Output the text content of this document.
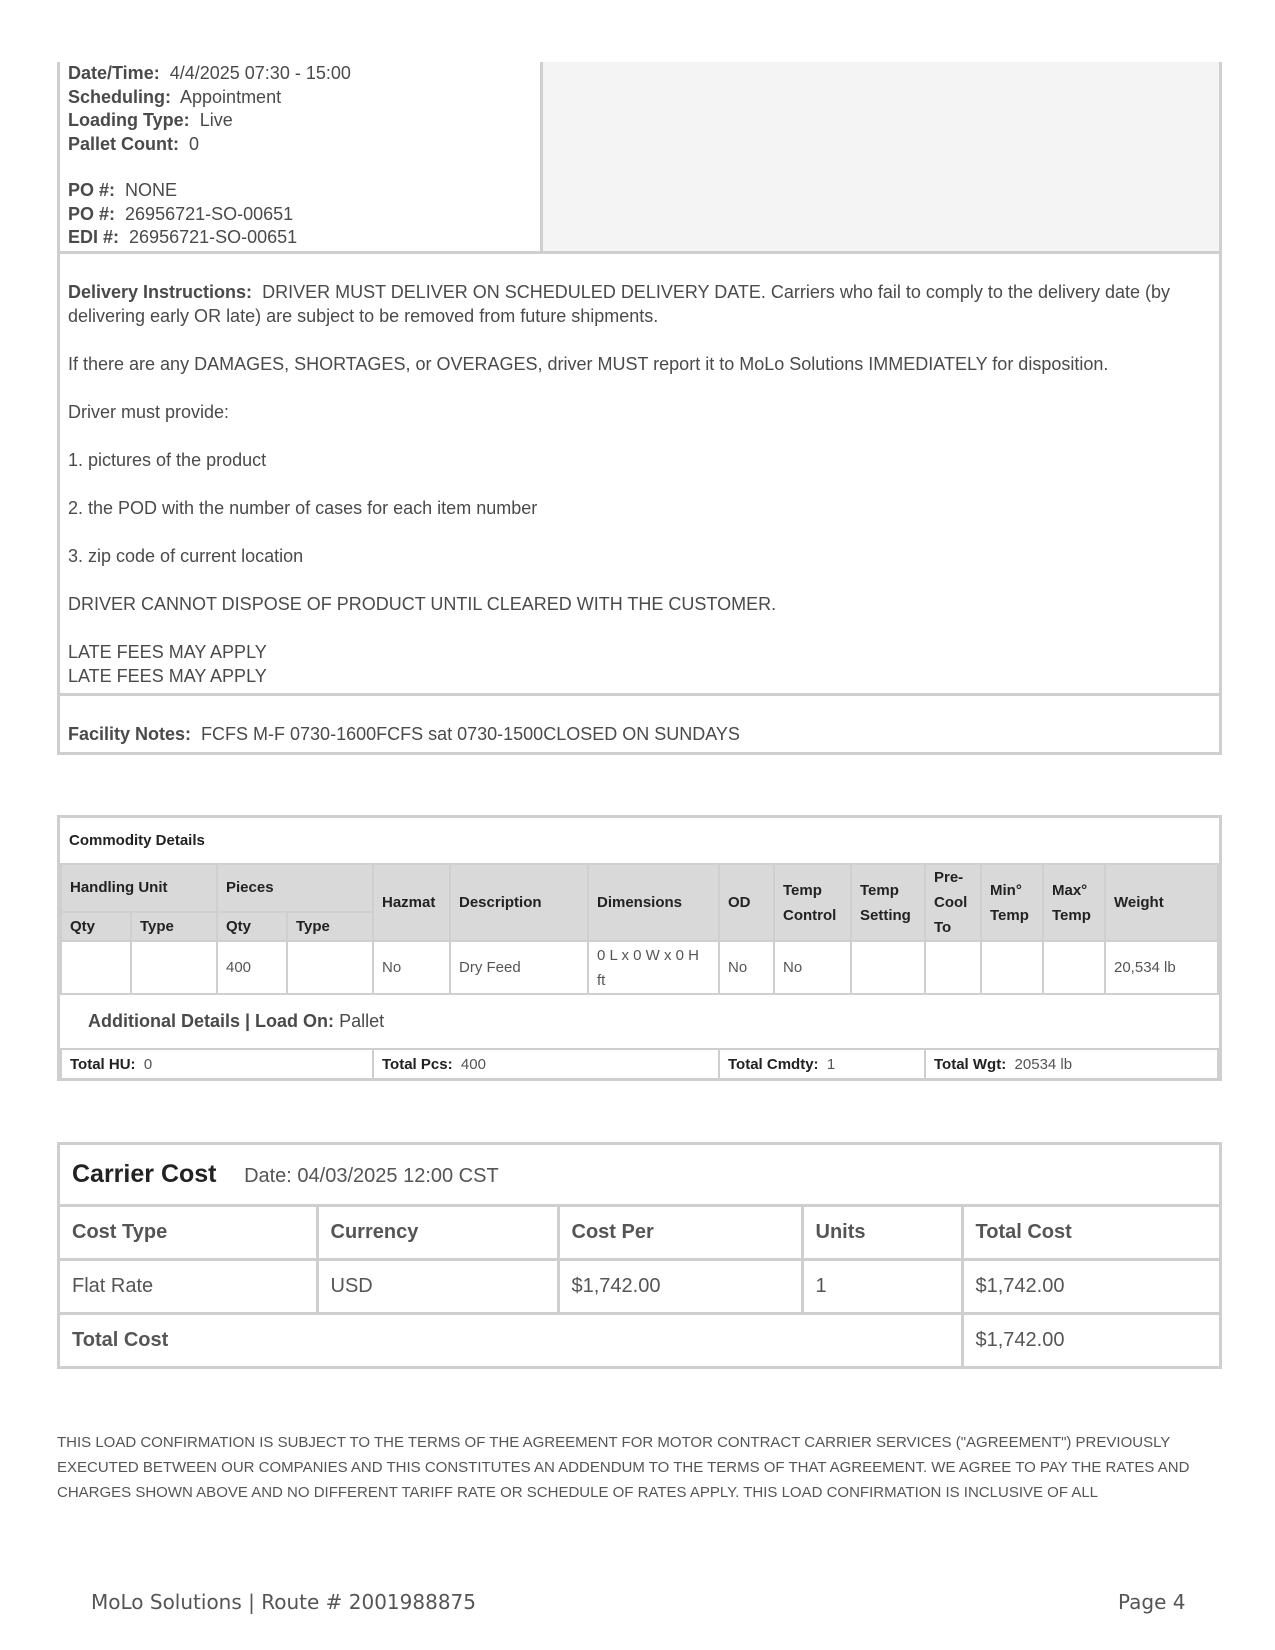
Date/Time: 4/4/2025 07:30 - 15:00
Scheduling: Appointment
Loading Type: Live
Pallet Count: 0
PO #: NONE
PO #: 26956721-SO-00651
EDI #: 26956721-SO-00651

Delivery Instructions: DRIVER MUST DELIVER ON SCHEDULED DELIVERY DATE. Carriers who fail to comply to the delivery date (by delivering early OR late) are subject to be removed from future shipments.

If there are any DAMAGES, SHORTAGES, or OVERAGES, driver MUST report it to MoLo Solutions IMMEDIATELY for disposition.

Driver must provide:

1. pictures of the product

2. the POD with the number of cases for each item number

3. zip code of current location

DRIVER CANNOT DISPOSE OF PRODUCT UNTIL CLEARED WITH THE CUSTOMER.

LATE FEES MAY APPLY

LATE FEES MAY APPLY

Facility Notes: FCFS M-F 0730-1600FCFS sat 0730-1500CLOSED ON SUNDAYS
Commodity Details													
Handling Unit		Pieces		Hazmat	Description	Dimensions	OD	Temp Control	Temp Setting	Pre-Cool To	Min° Temp	Max° Temp	Weight
Qty	Type	Qty	Type										
		400		No	Dry Feed	0 L x 0 W x 0 H ft	No	No					20,534 lb
Additional Details | Load On: Pallet													
Total HU: 0				Total Pcs: 400			Total Cmdty: 1			Total Wgt: 20534 lb			
Carrier Cost Date: 04/03/2025 12:00 CST				
Cost Type	Currency	Cost Per	Units	Total Cost
Flat Rate	USD	$1,742.00	1	$1,742.00
Total Cost				$1,742.00
THIS LOAD CONFIRMATION IS SUBJECT TO THE TERMS OF THE AGREEMENT FOR MOTOR CONTRACT CARRIER SERVICES ("AGREEMENT") PREVIOUSLY EXECUTED BETWEEN OUR COMPANIES AND THIS CONSTITUTES AN ADDENDUM TO THE TERMS OF THAT AGREEMENT. WE AGREE TO PAY THE RATES AND CHARGES SHOWN ABOVE AND NO DIFFERENT TARIFF RATE OR SCHEDULE OF RATES APPLY. THIS LOAD CONFIRMATION IS INCLUSIVE OF ALL
MoLo Solutions | Route # 2001988875	Page 4
